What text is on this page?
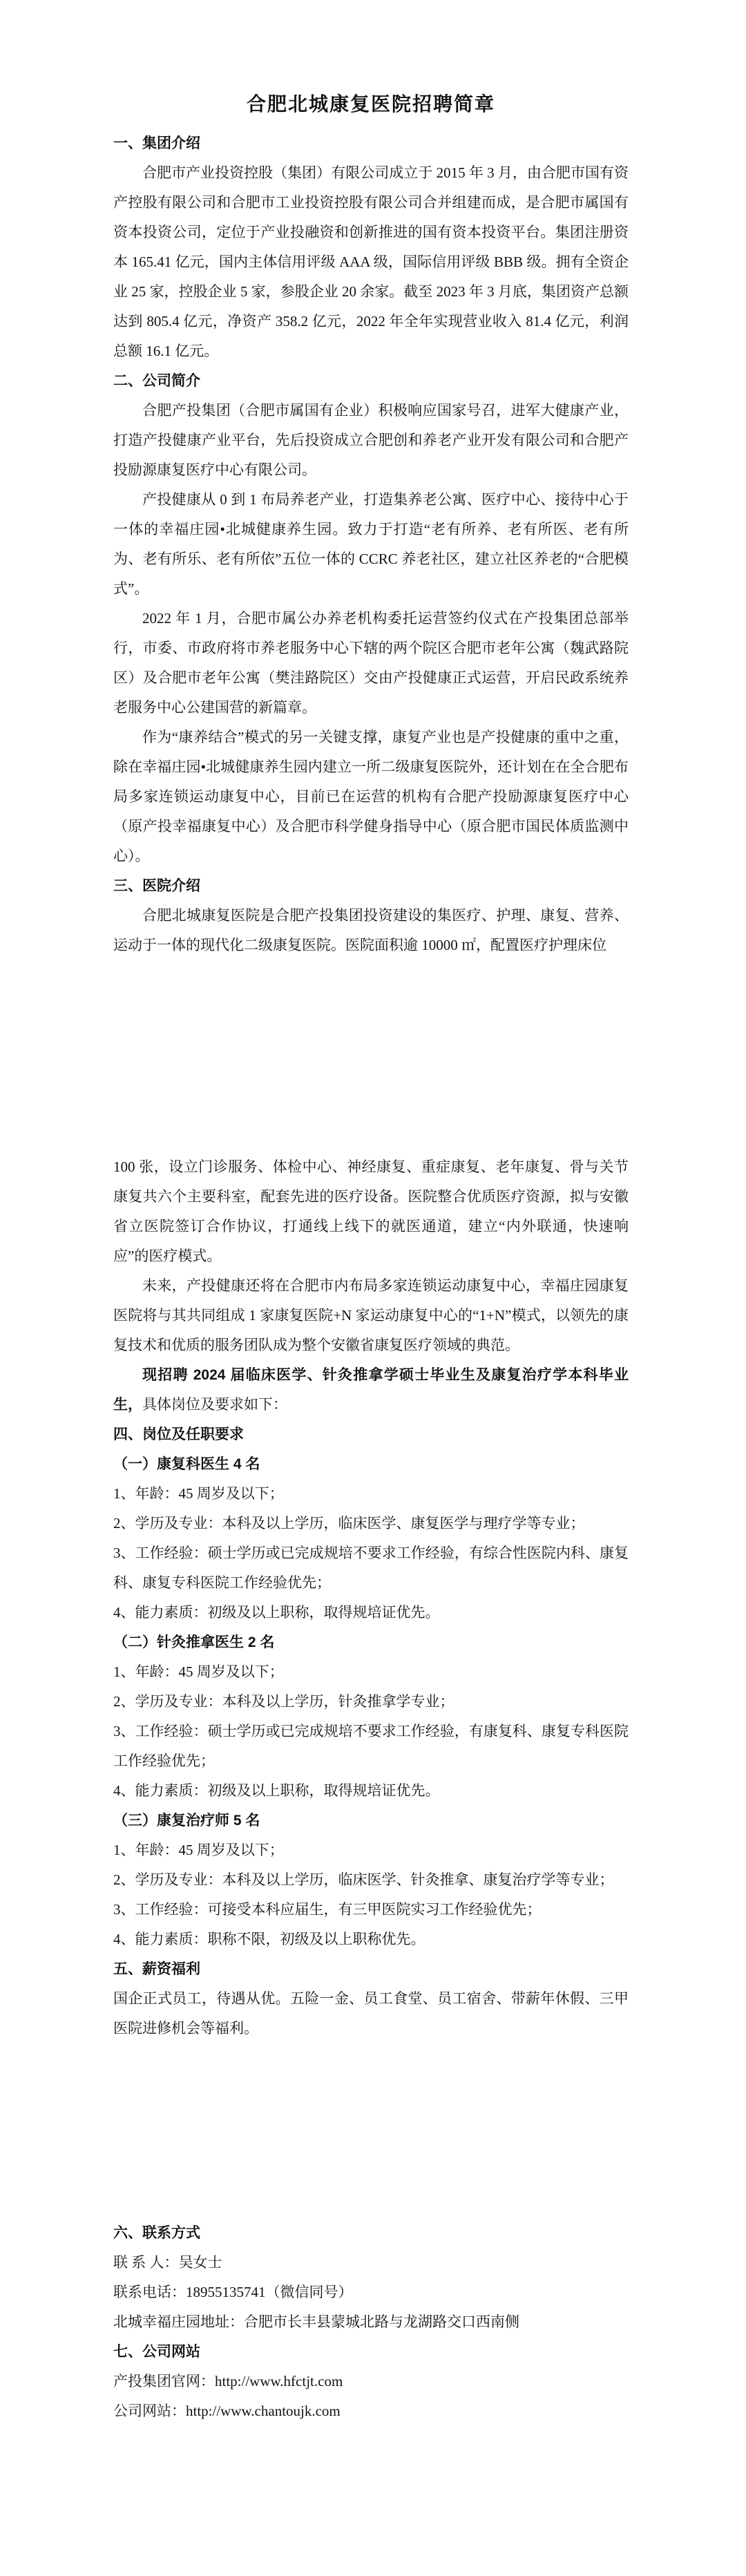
合肥北城康复医院招聘简章
一、集团介绍
合肥市产业投资控股（集团）有限公司成立于 2015 年 3 月，由合肥市国有资产控股有限公司和合肥市工业投资控股有限公司合并组建而成，是合肥市属国有资本投资公司，定位于产业投融资和创新推进的国有资本投资平台。集团注册资本 165.41 亿元，国内主体信用评级 AAA 级，国际信用评级 BBB 级。拥有全资企业 25 家，控股企业 5 家，参股企业 20 余家。截至 2023 年 3 月底，集团资产总额达到 805.4 亿元，净资产 358.2 亿元，2022 年全年实现营业收入 81.4 亿元，利润总额 16.1 亿元。
二、公司简介
合肥产投集团（合肥市属国有企业）积极响应国家号召，进军大健康产业，打造产投健康产业平台，先后投资成立合肥创和养老产业开发有限公司和合肥产投励源康复医疗中心有限公司。
产投健康从 0 到 1 布局养老产业，打造集养老公寓、医疗中心、接待中心于一体的幸福庄园•北城健康养生园。致力于打造“老有所养、老有所医、老有所为、老有所乐、老有所依”五位一体的 CCRC 养老社区，建立社区养老的“合肥模式”。
2022 年 1 月，合肥市属公办养老机构委托运营签约仪式在产投集团总部举行，市委、市政府将市养老服务中心下辖的两个院区合肥市老年公寓（魏武路院区）及合肥市老年公寓（樊洼路院区）交由产投健康正式运营，开启民政系统养老服务中心公建国营的新篇章。
作为“康养结合”模式的另一关键支撑，康复产业也是产投健康的重中之重，除在幸福庄园•北城健康养生园内建立一所二级康复医院外，还计划在在全合肥布局多家连锁运动康复中心，目前已在运营的机构有合肥产投励源康复医疗中心（原产投幸福康复中心）及合肥市科学健身指导中心（原合肥市国民体质监测中心）。
三、医院介绍
合肥北城康复医院是合肥产投集团投资建设的集医疗、护理、康复、营养、运动于一体的现代化二级康复医院。医院面积逾 10000 ㎡，配置医疗护理床位
100 张，设立门诊服务、体检中心、神经康复、重症康复、老年康复、骨与关节康复共六个主要科室，配套先进的医疗设备。医院整合优质医疗资源，拟与安徽省立医院签订合作协议，打通线上线下的就医通道，建立“内外联通，快速响应”的医疗模式。
未来，产投健康还将在合肥市内布局多家连锁运动康复中心，幸福庄园康复医院将与其共同组成 1 家康复医院+N 家运动康复中心的“1+N”模式，以领先的康复技术和优质的服务团队成为整个安徽省康复医疗领域的典范。
现招聘 2024 届临床医学、针灸推拿学硕士毕业生及康复治疗学本科毕业生，具体岗位及要求如下：
四、岗位及任职要求
（一）康复科医生 4 名
1、年龄：45 周岁及以下；
2、学历及专业：本科及以上学历，临床医学、康复医学与理疗学等专业；
3、工作经验：硕士学历或已完成规培不要求工作经验，有综合性医院内科、康复科、康复专科医院工作经验优先；
4、能力素质：初级及以上职称，取得规培证优先。
（二）针灸推拿医生 2 名
1、年龄：45 周岁及以下；
2、学历及专业：本科及以上学历，针灸推拿学专业；
3、工作经验：硕士学历或已完成规培不要求工作经验，有康复科、康复专科医院工作经验优先；
4、能力素质：初级及以上职称，取得规培证优先。
（三）康复治疗师 5 名
1、年龄：45 周岁及以下；
2、学历及专业：本科及以上学历，临床医学、针灸推拿、康复治疗学等专业；
3、工作经验：可接受本科应届生，有三甲医院实习工作经验优先；
4、能力素质：职称不限，初级及以上职称优先。
五、薪资福利
国企正式员工，待遇从优。五险一金、员工食堂、员工宿舍、带薪年休假、三甲医院进修机会等福利。
六、联系方式
联 系 人：吴女士
联系电话：18955135741（微信同号）
北城幸福庄园地址：合肥市长丰县蒙城北路与龙湖路交口西南侧
七、公司网站
产投集团官网：http://www.hfctjt.com
公司网站：http://www.chantoujk.com
